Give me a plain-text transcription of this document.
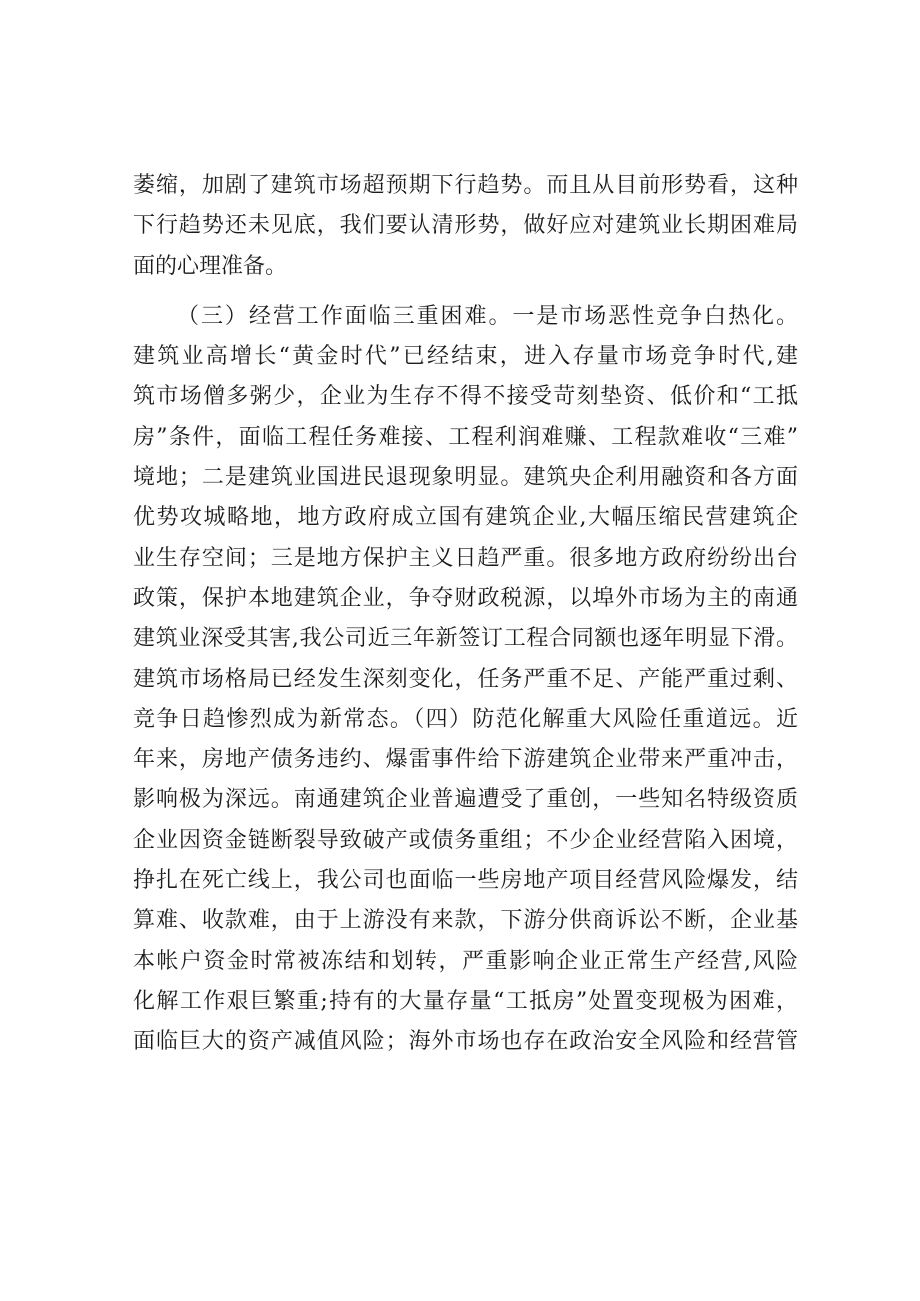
萎缩，加剧了建筑市场超预期下行趋势。而且从目前形势看，这种
下行趋势还未见底，我们要认清形势，做好应对建筑业长期困难局
面的心理准备。
（三）经营工作面临三重困难。一是市场恶性竞争白热化。
建筑业高增长“黄金时代”已经结束，进入存量市场竞争时代,建
筑市场僧多粥少，企业为生存不得不接受苛刻垫资、低价和“工抵
房”条件，面临工程任务难接、工程利润难赚、工程款难收“三难”
境地；二是建筑业国进民退现象明显。建筑央企利用融资和各方面
优势攻城略地，地方政府成立国有建筑企业,大幅压缩民营建筑企
业生存空间；三是地方保护主义日趋严重。很多地方政府纷纷出台
政策，保护本地建筑企业，争夺财政税源，以埠外市场为主的南通
建筑业深受其害,我公司近三年新签订工程合同额也逐年明显下滑。
建筑市场格局已经发生深刻变化，任务严重不足、产能严重过剩、
竞争日趋惨烈成为新常态。（四）防范化解重大风险任重道远。近
年来，房地产债务违约、爆雷事件给下游建筑企业带来严重冲击，
影响极为深远。南通建筑企业普遍遭受了重创，一些知名特级资质
企业因资金链断裂导致破产或债务重组；不少企业经营陷入困境，
挣扎在死亡线上，我公司也面临一些房地产项目经营风险爆发，结
算难、收款难，由于上游没有来款，下游分供商诉讼不断，企业基
本帐户资金时常被冻结和划转，严重影响企业正常生产经营,风险
化解工作艰巨繁重;持有的大量存量“工抵房”处置变现极为困难，
面临巨大的资产减值风险；海外市场也存在政治安全风险和经营管
